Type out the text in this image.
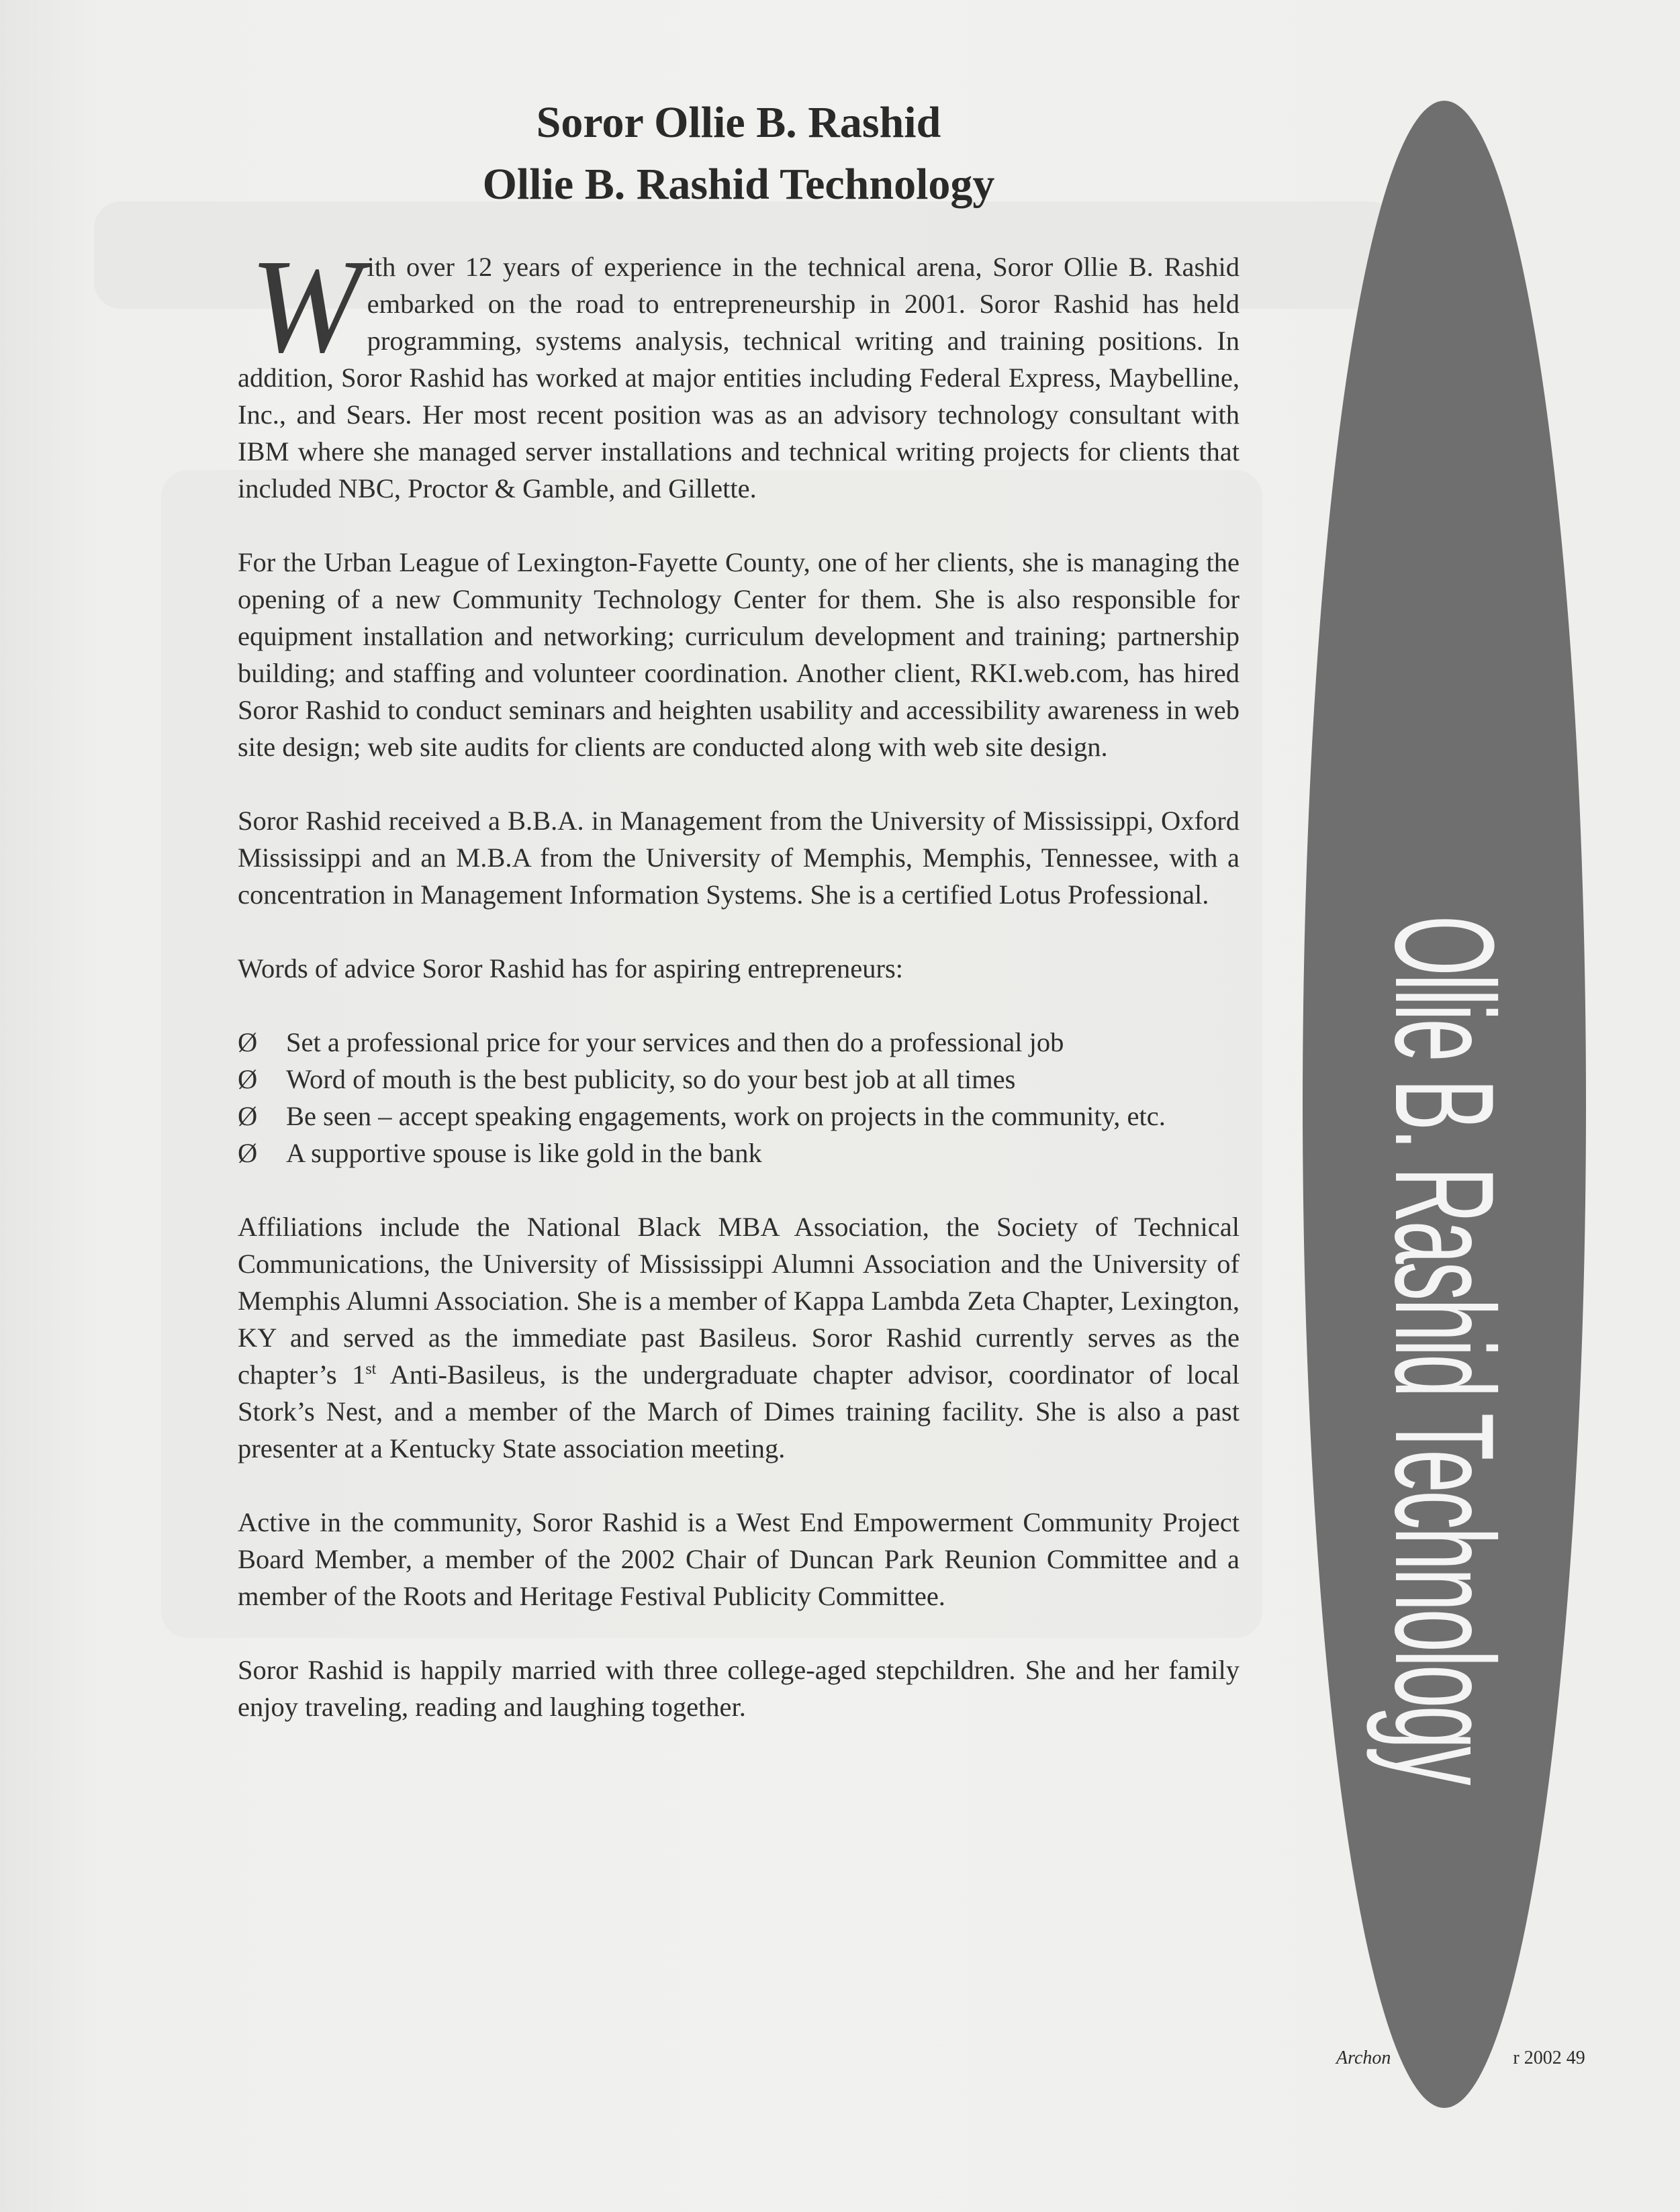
Soror Ollie B. Rashid
Ollie B. Rashid Technology

With over 12 years of experience in the technical arena, Soror Ollie B. Rashid embarked on the road to entrepreneurship in 2001. Soror Rashid has held programming, systems analysis, technical writing and training positions. In addition, Soror Rashid has worked at major entities including Federal Express, Maybelline, Inc., and Sears. Her most recent position was as an advisory technology consultant with IBM where she managed server installations and technical writing projects for clients that included NBC, Proctor & Gamble, and Gillette.

For the Urban League of Lexington-Fayette County, one of her clients, she is managing the opening of a new Community Technology Center for them. She is also responsible for equipment installation and networking; curriculum development and training; partnership building; and staffing and volunteer coordination. Another client, RKI.web.com, has hired Soror Rashid to conduct seminars and heighten usability and accessibility awareness in web site design; web site audits for clients are conducted along with web site design.

Soror Rashid received a B.B.A. in Management from the University of Mississippi, Oxford Mississippi and an M.B.A from the University of Memphis, Memphis, Tennessee, with a concentration in Management Information Systems. She is a certified Lotus Professional.

Words of advice Soror Rashid has for aspiring entrepreneurs:

Ø Set a professional price for your services and then do a professional job
Ø Word of mouth is the best publicity, so do your best job at all times
Ø Be seen – accept speaking engagements, work on projects in the community, etc.
Ø A supportive spouse is like gold in the bank

Affiliations include the National Black MBA Association, the Society of Technical Communications, the University of Mississippi Alumni Association and the University of Memphis Alumni Association. She is a member of Kappa Lambda Zeta Chapter, Lexington, KY and served as the immediate past Basileus. Soror Rashid currently serves as the chapter’s 1st Anti-Basileus, is the undergraduate chapter advisor, coordinator of local Stork’s Nest, and a member of the March of Dimes training facility. She is also a past presenter at a Kentucky State association meeting.

Active in the community, Soror Rashid is a West End Empowerment Community Project Board Member, a member of the 2002 Chair of Duncan Park Reunion Committee and a member of the Roots and Heritage Festival Publicity Committee.

Soror Rashid is happily married with three college-aged stepchildren. She and her family enjoy traveling, reading and laughing together.	Ollie B. Rashid Technology
Archon	r 2002 49
